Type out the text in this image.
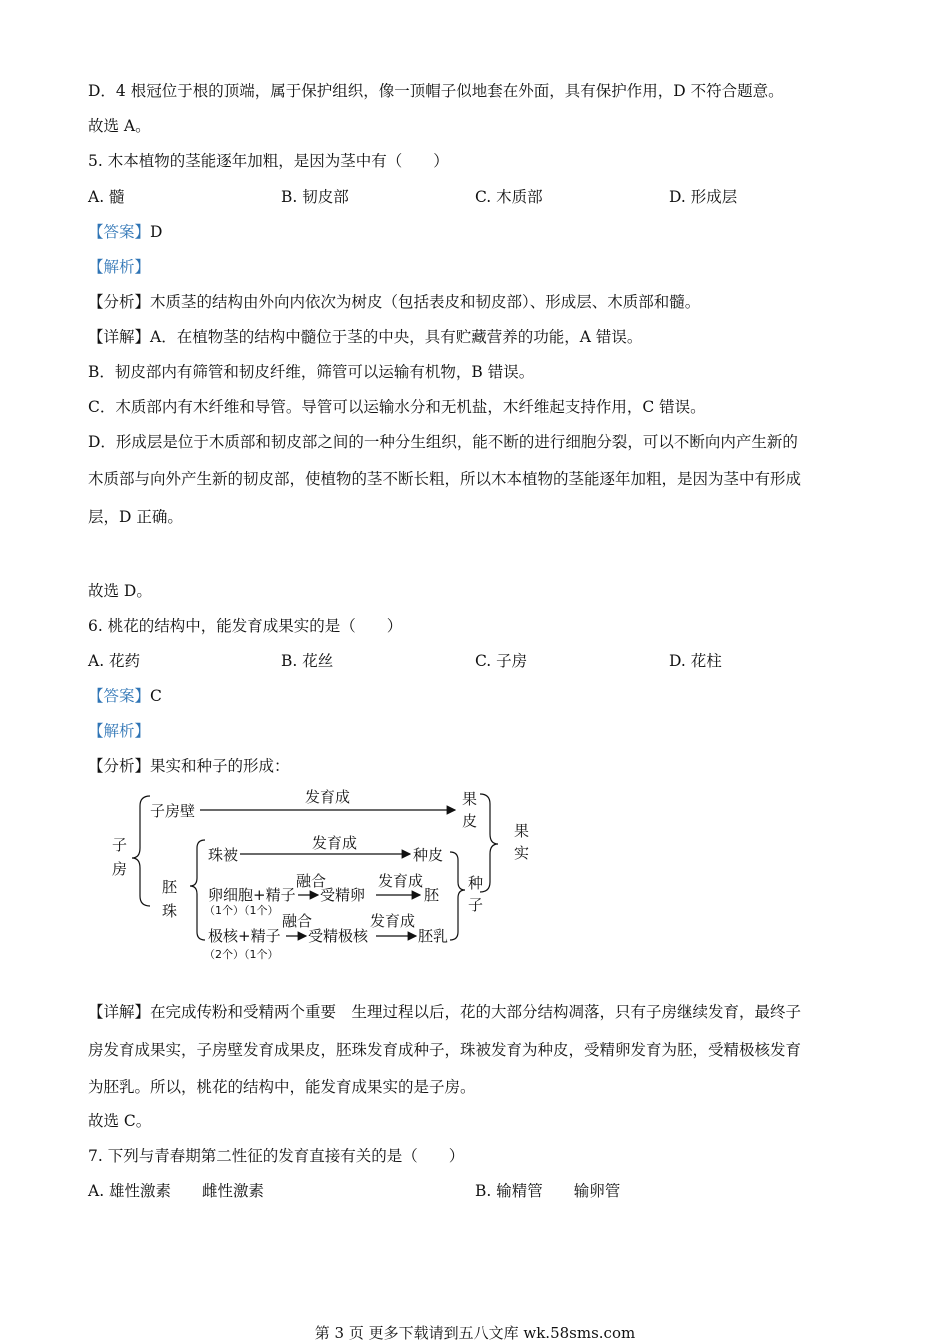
D．4 根冠位于根的顶端，属于保护组织，像一顶帽子似地套在外面，具有保护作用，D 不符合题意。
故选 A。
5. 木本植物的茎能逐年加粗，是因为茎中有（　　）
A. 髓	B. 韧皮部	C. 木质部	D. 形成层
【答案】D
【解析】
【分析】木质茎的结构由外向内依次为树皮（包括表皮和韧皮部）、形成层、木质部和髓。
【详解】A．在植物茎的结构中髓位于茎的中央，具有贮藏营养的功能，A 错误。
B．韧皮部内有筛管和韧皮纤维，筛管可以运输有机物，B 错误。
C．木质部内有木纤维和导管。导管可以运输水分和无机盐，木纤维起支持作用，C 错误。
D．形成层是位于木质部和韧皮部之间的一种分生组织，能不断的进行细胞分裂，可以不断向内产生新的
木质部与向外产生新的韧皮部，使植物的茎不断长粗，所以木本植物的茎能逐年加粗，是因为茎中有形成
层，D 正确。
故选 D。
6. 桃花的结构中，能发育成果实的是（　　）
A. 花药	B. 花丝	C. 子房	D. 花柱
【答案】C
【解析】
【分析】果实和种子的形成：
子
房
子房壁
发育成	果
皮
果
实
胚
珠
珠被
发育成
种皮
卵细胞+精子
（1个）（1个）
融合
受精卵
发育成
胚
种
子
融合	发育成
极核+精子
（2个）（1个）
受精极核	胚乳
【详解】在完成传粉和受精两个重要　生理过程以后，花的大部分结构凋落，只有子房继续发育，最终子
房发育成果实，子房壁发育成果皮，胚珠发育成种子，珠被发育为种皮，受精卵发育为胚，受精极核发育
为胚乳。所以，桃花的结构中，能发育成果实的是子房。
故选 C。
7. 下列与青春期第二性征的发育直接有关的是（　　）
A. 雄性激素　　雌性激素	B. 输精管　　输卵管
第 3 页 更多下载请到五八文库 wk.58sms.com
